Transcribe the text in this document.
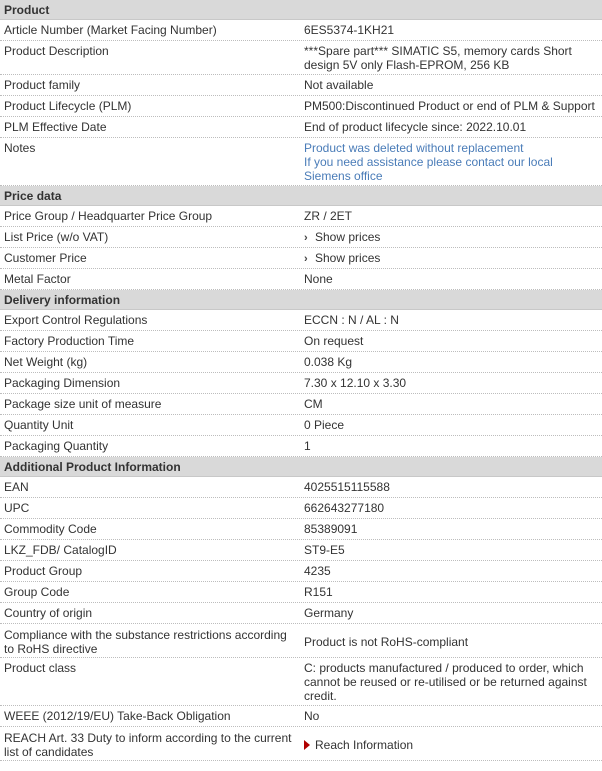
Product
Article Number (Market Facing Number)	6ES5374-1KH21
Product Description	***Spare part*** SIMATIC S5, memory cards Short
design 5V only Flash-EPROM, 256 KB
Product family	Not available
Product Lifecycle (PLM)	PM500:Discontinued Product or end of PLM & Support
PLM Effective Date	End of product lifecycle since: 2022.10.01
Notes	Product was deleted without replacement
If you need assistance please contact our local
Siemens office
Price data
Price Group / Headquarter Price Group	ZR / 2ET
List Price (w/o VAT)	› Show prices
Customer Price	› Show prices
Metal Factor	None
Delivery information
Export Control Regulations	ECCN : N / AL : N
Factory Production Time	On request
Net Weight (kg)	0.038 Kg
Packaging Dimension	7.30 x 12.10 x 3.30
Package size unit of measure	CM
Quantity Unit	0 Piece
Packaging Quantity	1
Additional Product Information
EAN	4025515115588
UPC	662643277180
Commodity Code	85389091
LKZ_FDB/ CatalogID	ST9-E5
Product Group	4235
Group Code	R151
Country of origin	Germany
Compliance with the substance restrictions according
to RoHS directive	Product is not RoHS-compliant
Product class	C: products manufactured / produced to order, which
cannot be reused or re-utilised or be returned against
credit.
WEEE (2012/19/EU) Take-Back Obligation	No
REACH Art. 33 Duty to inform according to the current
list of candidates	Reach Information
